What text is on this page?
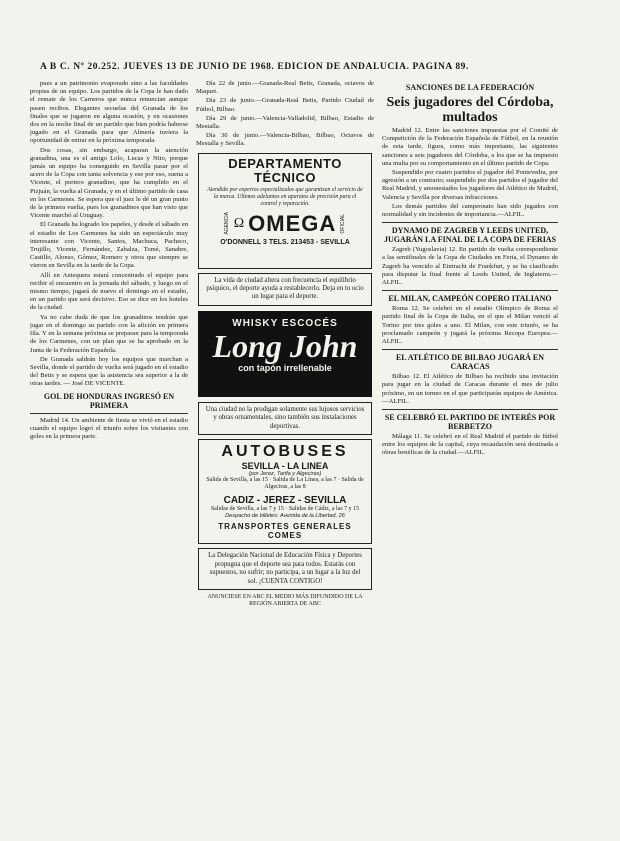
A B C. Nº 20.252. JUEVES 13 DE JUNIO DE 1968. EDICION DE ANDALUCIA. PAGINA 89.

pues a un patrimonio evaporado sino a las faculdades propias de un equipo. Los partidos de la Copa le han dado el remate de los Carneros que nunca renuncian aunque pasen recibos. Elegantes secuelas del Granada de los finales que se jugaron en alguna ocasión, y en ocasiones dos en la noche final de un partido que bien podría haberse jugado en el Granada para que Almería tuviera la oportunidad de entrar en la próxima temporada.

Dos cosas, sin embargo, acaparan la atención granadina, una es el amigo Lolo, Lucas y Nito, porque jamás un equipo ha conseguido en Sevilla pasar por el acero de la Copa con tanta solvencia y ese por eso, suena a Vicente, el portero granadino, que ha cumplido en el Pizjuán, la vuelta al Granada, y en el último partido de casa en los Carmenes. Se espera que el juez le dé un gran punto de la primera vuelta, pues los granadinos que han visto que Vicente marchó al Uruguay.

El Granada ha logrado los papeles, y desde el sábado en el estadio de Los Carmenes ha sido un espectáculo muy interesante con Vicente, Santos, Machuca, Pacheco, Trujillo, Vicente, Fernández, Zabalza, Tomé, Sanabre, Castillo, Alonso, Gómez, Romero y otros que siempre se vieron en Sevilla en la tarde de la Copa.

Allí en Antequera estará concentrado el equipo para recibir el encuentro en la jornada del sábado, y luego en el mismo tiempo, jugará de nuevo el domingo en el estadio, en un partido que será decisivo. Eso se dice en los hoteles de la ciudad.

Ya no cabe duda de que los granadinos tendrán que jugar en el domingo su partido con la afición en primera fila. Y en la semana próxima se preparan para la temporada de los Carmenes, con un plan que se ha aprobado en la Junta de la Federación Española.

De Granada saldrán hoy los equipos que marchan a Sevilla, donde el partido de vuelta será jugado en el estadio del Betis y se espera que la asistencia sea superior a la de otras tardes. — José DE VICENTE.

GOL DE HONDURAS INGRESÓ EN PRIMERA

Madrid 14. Un ambiente de fiesta se vivió en el estadio cuando el equipo logró el triunfo sobre los visitantes con goles en la primera parte.

Día 22 de junio.—Granada-Real Betis, Granada, octavos de Maquet.

Día 23 de junio.—Granada-Real Betis, Partido Ciudad de Fútbol, Bilbao.

Día 29 de junio.—Valencia-Valladolid, Bilbao, Estadio de Mestalla.

Día 30 de junio.—Valencia-Bilbao, Bilbao, Octavos de Mestalla y Sevilla.

DEPARTAMENTO TÉCNICO
Atendido por expertos especializados que garantizan el servicio de la marca. Ultimos adelantos en aparatos de precisión para el control y reparación.
AGENCIA Ω OMEGA OFICIAL
O'DONNELL 3 TELS. 213453 - SEVILLA
La vida de ciudad altera con frecuencia el equilibrio psíquico, el deporte ayuda a restablecerlo. Deja en tu ocio un lugar para el deporte.
WHISKY ESCOCÉS
Long John
con tapón irrellenable
Una ciudad no la prodigan solamente sus lujosos servicios y obras ornamentales, sino también sus instalaciones deportivas.
AUTOBUSES
SEVILLA - LA LINEA
(por Jerez, Tarifa y Algeciras)
Salida de Sevilla, a las 15 · Salida de La Línea, a las 7 · Salida de Algeciras, a las 8
CADIZ - JEREZ - SEVILLA
Salidas de Sevilla, a las 7 y 15 · Salidas de Cádiz, a las 7 y 15
Despacho de billetes: Avenida de la Libertad, 26
TRANSPORTES GENERALES COMES
La Delegación Nacional de Educación Física y Deportes propugna que el deporte sea para todos. Estarás con supuestos, no sufrir; no participa, a un lugar a la luz del sol. ¡CUENTA CONTIGO!
ANUNCIESE EN ABC EL MEDIO MÁS DIFUNDIDO DE LA REGIÓN ABIERTA DE ABC
SANCIONES DE LA FEDERACIÓN
Seis jugadores del Córdoba, multados

Madrid 12. Entre las sanciones impuestas por el Comité de Competición de la Federación Española de Fútbol, en la reunión de esta tarde, figura, como más importante, las siguientes sanciones a seis jugadores del Córdoba, a los que se ha impuesto una multa por su comportamiento en el último partido de Copa.

Suspendido por cuatro partidos el jugador del Pontevedra, por agresión a un contrario; suspendido por dos partidos el jugador del Real Madrid, y amonestados los jugadores del Atlético de Madrid, Valencia y Sevilla por diversas infracciones.

Los demás partidos del campeonato han sido jugados con normalidad y sin incidentes de importancia.—ALFIL.

DYNAMO DE ZAGREB Y LEEDS UNITED, JUGARÁN LA FINAL DE LA COPA DE FERIAS

Zagreb (Yugoslavia) 12. En partido de vuelta correspondiente a las semifinales de la Copa de Ciudades en Feria, el Dynamo de Zagreb ha vencido al Eintracht de Frankfurt, y se ha clasificado para disputar la final frente al Leeds United, de Inglaterra.—ALFIL.

EL MILAN, CAMPEÓN COPERO ITALIANO

Roma 12. Se celebró en el estadio Olímpico de Roma el partido final de la Copa de Italia, en el que el Milan venció al Torino por tres goles a uno. El Milan, con este triunfo, se ha proclamado campeón y jugará la próxima Recopa Europea.—ALFIL.

EL ATLÉTICO DE BILBAO JUGARÁ EN CARACAS

Bilbao 12. El Atlético de Bilbao ha recibido una invitación para jugar en la ciudad de Caracas durante el mes de julio próximo, en un torneo en el que participarán equipos de América.—ALFIL.

SE CELEBRÓ EL PARTIDO DE INTERÉS POR BERBETZO

Málaga 11. Se celebró en el Real Madrid el partido de fútbol entre los equipos de la capital, cuya recaudación será destinada a obras benéficas de la ciudad.—ALFIL.
